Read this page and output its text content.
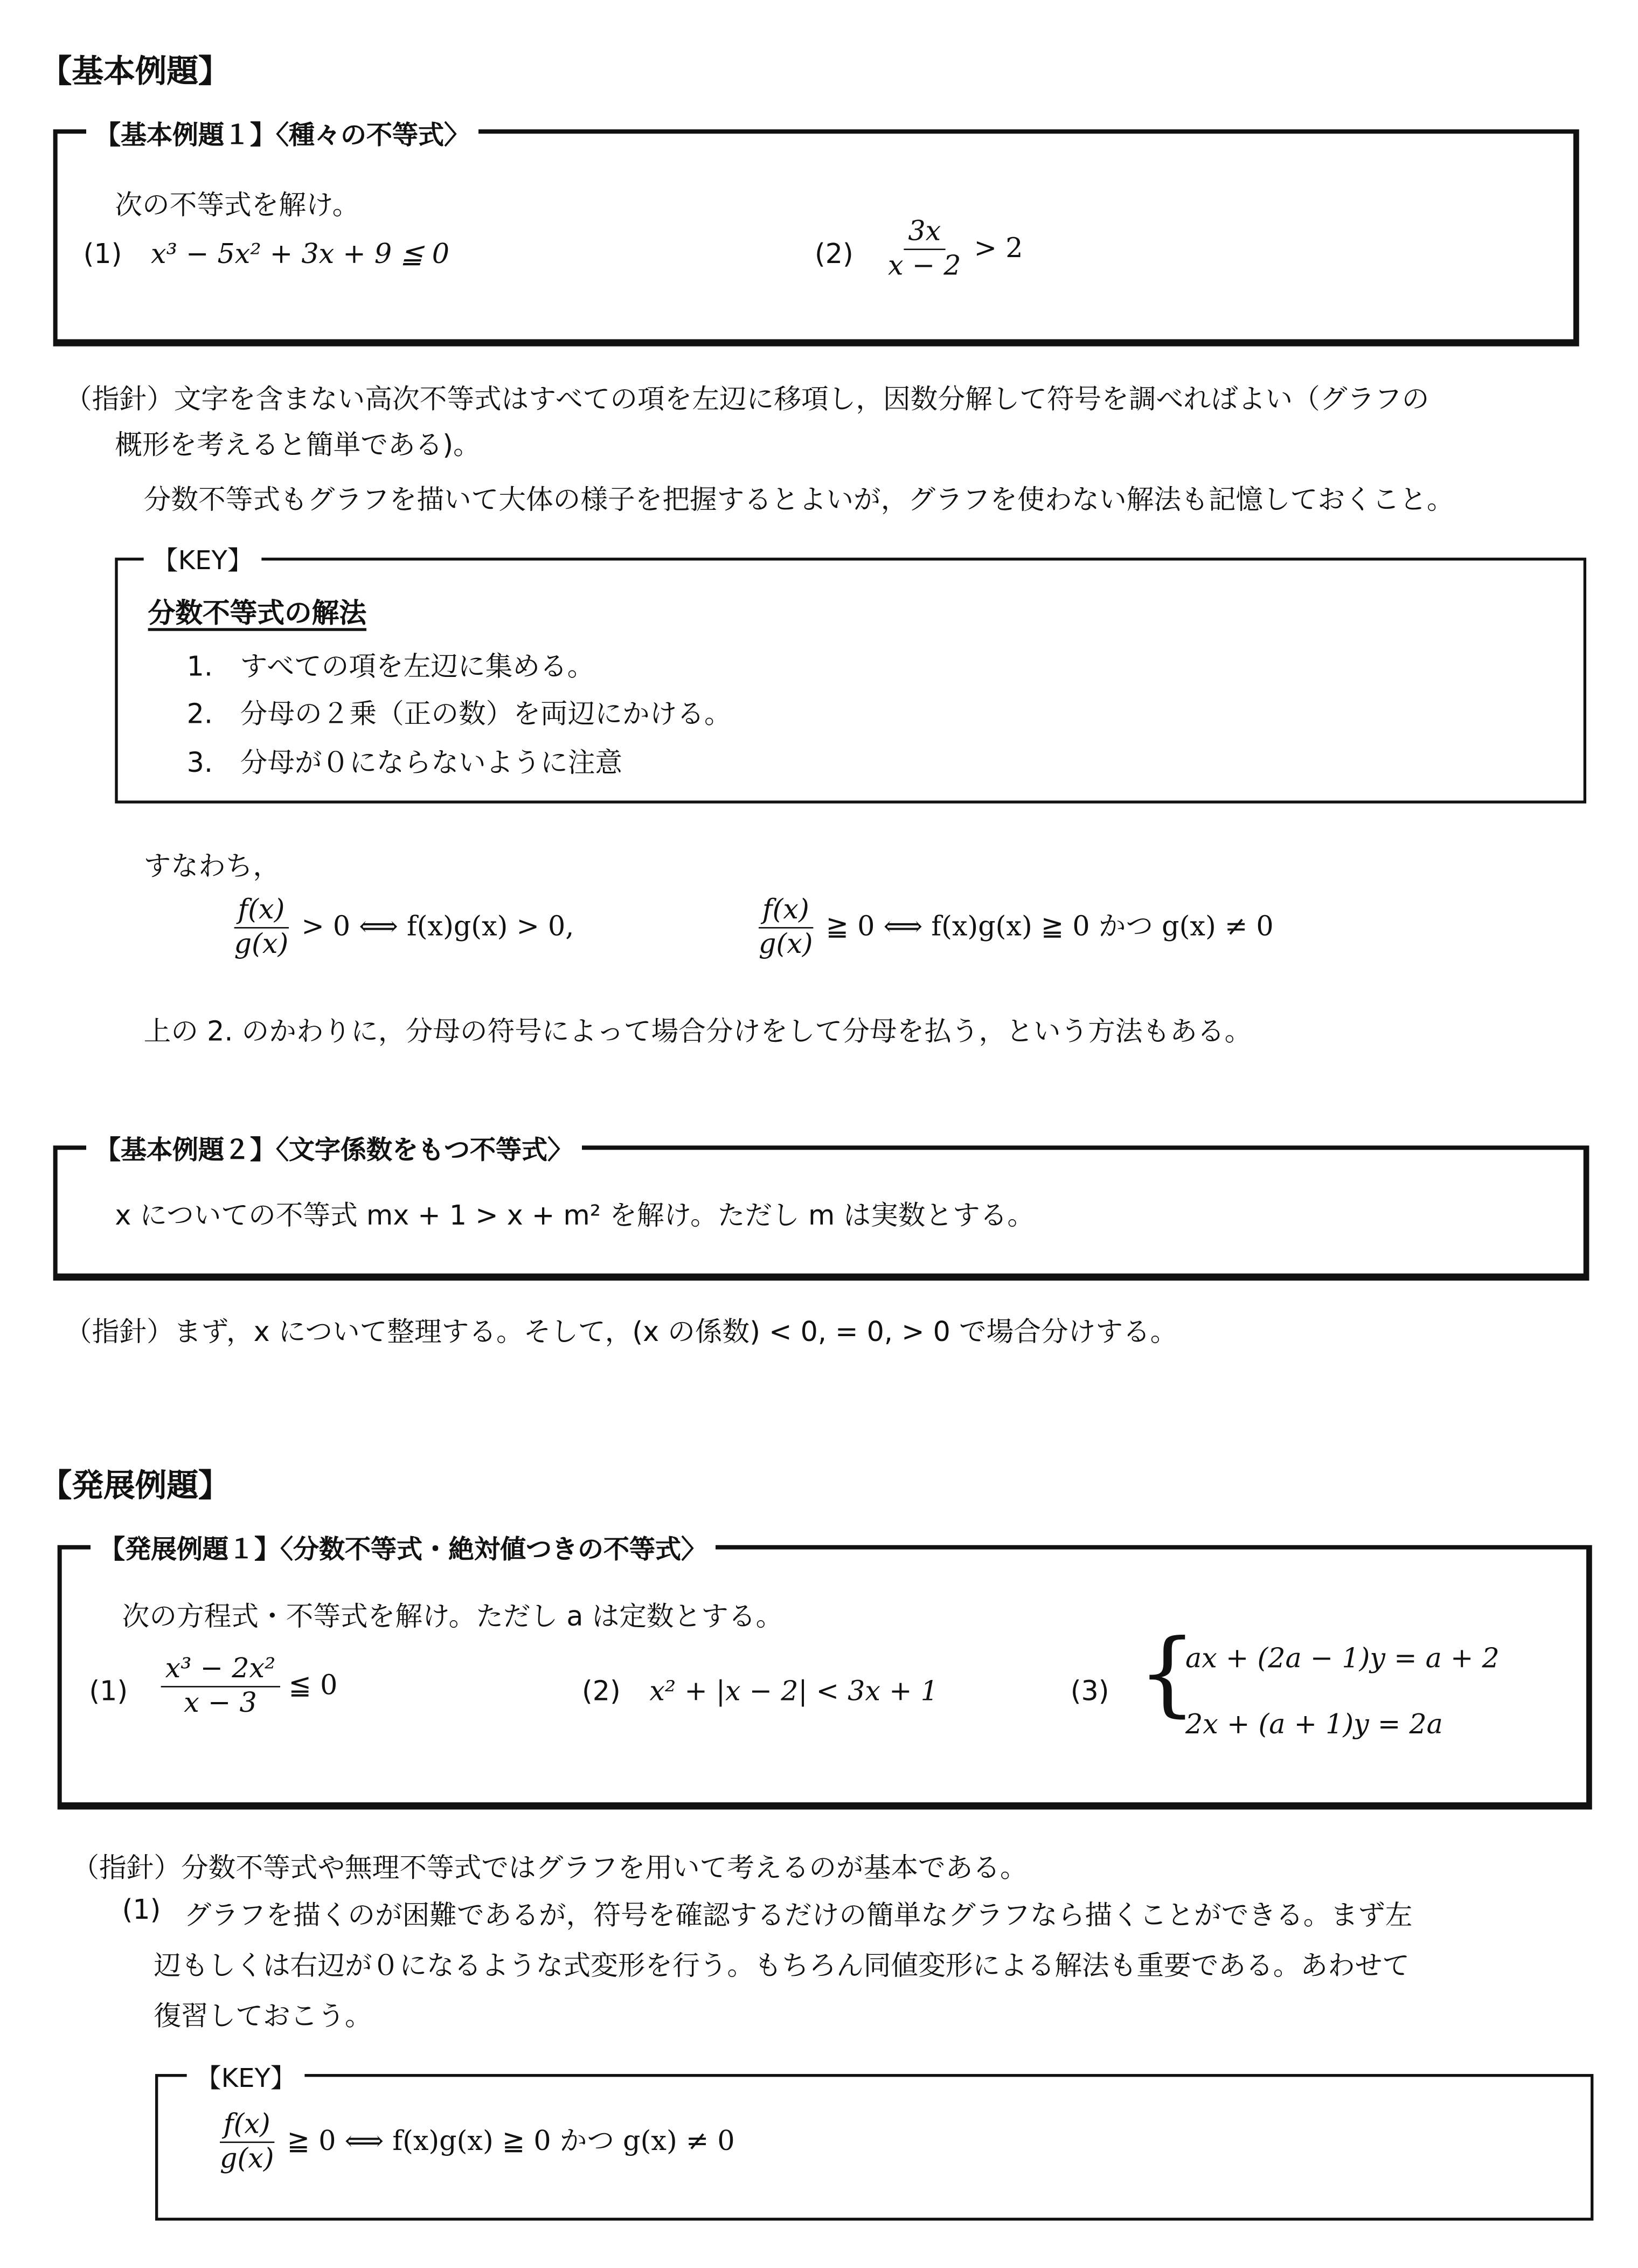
【基本例題】
【基本例題１】〈種々の不等式〉
次の不等式を解け。
(1)	x³ − 5x² + 3x + 9 ≦ 0	(2)	$\frac{3x}{x - 2} > 2$
（指針）文字を含まない高次不等式はすべての項を左辺に移項し，因数分解して符号を調べればよい（グラフの
概形を考えると簡単である)。
分数不等式もグラフを描いて大体の様子を把握するとよいが，グラフを使わない解法も記憶しておくこと。
【KEY】
分数不等式の解法
1.　すべての項を左辺に集める。
2.　分母の２乗（正の数）を両辺にかける。
3.　分母が０にならないように注意
すなわち，
$\frac{f(x)}{g(x)} > 0$ ⟺ f(x)g(x) > 0,	$\frac{f(x)}{g(x)}$ ≧ 0 ⟺ f(x)g(x) ≧ 0 かつ g(x) ≠ 0
上の 2. のかわりに，分母の符号によって場合分けをして分母を払う，という方法もある。
【基本例題２】〈文字係数をもつ不等式〉
x についての不等式 mx + 1 > x + m² を解け。ただし m は実数とする。
（指針）まず，x について整理する。そして，(x の係数) < 0, = 0, > 0 で場合分けする。
【発展例題】
【発展例題１】〈分数不等式・絶対値つきの不等式〉
次の方程式・不等式を解け。ただし a は定数とする。
(1)	$\frac{\text{x³ − 2x²}}{x - 3}$ ≦ 0	(2)	x² + |x − 2| < 3x + 1	(3) {
ax + (2a − 1)y = a + 2
2x + (a + 1)y = 2a
（指針）分数不等式や無理不等式ではグラフを用いて考えるのが基本である。
(1) グラフを描くのが困難であるが，符号を確認するだけの簡単なグラフなら描くことができる。まず左
辺もしくは右辺が０になるような式変形を行う。もちろん同値変形による解法も重要である。あわせて
復習しておこう。
【KEY】
$\frac{f(x)}{g(x)}$ ≧ 0 ⟺ f(x)g(x) ≧ 0 かつ g(x) ≠ 0
